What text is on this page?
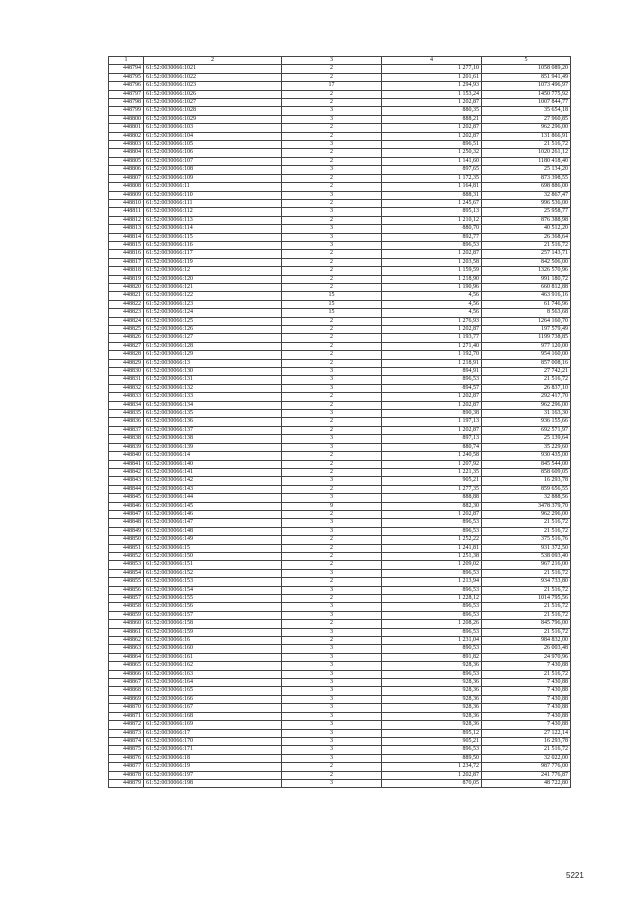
1	2	3	4	5
448794	61:52:0030066:1021	2	1 277,10	1058 089,20
448795	61:52:0030066:1022	2	1 201,61	851 941,49
448796	61:52:0030066:1023	17	1 294,93	1073 496,97
448797	61:52:0030066:1026	2	1 153,24	1450 775,92
448798	61:52:0030066:1027	2	1 202,87	1007 844,77
448799	61:52:0030066:1028	3	880,35	35 654,18
448800	61:52:0030066:1029	3	888,21	27 960,85
448801	61:52:0030066:103	2	1 202,87	962 296,00
448802	61:52:0030066:104	2	1 202,87	131 866,91
448803	61:52:0030066:105	3	896,51	21 516,72
448804	61:52:0030066:106	2	1 250,32	1020 261,12
448805	61:52:0030066:107	2	1 141,60	1180 418,40
448806	61:52:0030066:108	3	897,65	25 134,20
448807	61:52:0030066:109	2	1 172,35	873 398,55
448808	61:52:0030066:11	2	1 164,81	698 886,00
448809	61:52:0030066:110	3	888,31	32 867,47
448810	61:52:0030066:111	2	1 245,67	996 536,00
448811	61:52:0030066:112	3	895,13	25 958,77
448812	61:52:0030066:113	2	1 210,12	876 388,98
448813	61:52:0030066:114	3	880,70	40 512,20
448814	61:52:0030066:115	3	892,77	26 368,64
448815	61:52:0030066:116	3	896,53	21 516,72
448816	61:52:0030066:117	2	1 202,87	257 143,71
448817	61:52:0030066:119	2	1 203,58	842 506,00
448818	61:52:0030066:12	2	1 159,59	1326 570,96
448819	61:52:0030066:120	2	1 218,90	991 180,72
448820	61:52:0030066:121	2	1 190,96	660 812,88
448821	61:52:0030066:122	15	4,56	463 916,16
448822	61:52:0030066:123	15	4,56	61 746,96
448823	61:52:0030066:124	15	4,56	8 563,68
448824	61:52:0030066:125	2	1 276,93	1264 160,70
448825	61:52:0030066:126	2	1 202,87	197 579,49
448826	61:52:0030066:127	2	1 193,77	1199 738,85
448827	61:52:0030066:128	2	1 271,40	977 120,00
448828	61:52:0030066:129	2	1 192,70	954 160,00
448829	61:52:0030066:13	2	1 218,91	857 008,16
448830	61:52:0030066:130	3	894,91	27 742,21
448831	61:52:0030066:131	3	896,53	21 516,72
448832	61:52:0030066:132	3	894,57	26 837,10
448833	61:52:0030066:133	2	1 202,87	292 417,70
448834	61:52:0030066:134	2	1 202,87	962 296,00
448835	61:52:0030066:135	3	890,38	31 163,30
448836	61:52:0030066:136	2	1 197,13	936 155,66
448837	61:52:0030066:137	2	1 202,87	692 571,97
448838	61:52:0030066:138	3	897,13	25 139,64
448839	61:52:0030066:139	3	880,74	35 229,60
448840	61:52:0030066:14	2	1 240,58	930 435,00
448841	61:52:0030066:140	2	1 207,92	845 544,00
448842	61:52:0030066:141	2	1 221,35	858 609,05
448843	61:52:0030066:142	3	905,21	16 293,78
448844	61:52:0030066:143	2	1 277,35	859 656,55
448845	61:52:0030066:144	3	888,88	32 888,56
448846	61:52:0030066:145	9	882,30	3478 379,70
448847	61:52:0030066:146	2	1 202,87	962 296,00
448848	61:52:0030066:147	3	896,53	21 516,72
448849	61:52:0030066:148	3	896,53	21 516,72
448850	61:52:0030066:149	2	1 252,22	375 516,76
448851	61:52:0030066:15	2	1 241,81	931 372,50
448852	61:52:0030066:150	2	1 251,38	538 093,40
448853	61:52:0030066:151	2	1 209,02	967 216,00
448854	61:52:0030066:152	3	896,53	21 516,72
448855	61:52:0030066:153	2	1 213,94	934 733,80
448856	61:52:0030066:154	3	896,53	21 516,72
448857	61:52:0030066:155	2	1 228,12	1014 795,56
448858	61:52:0030066:156	3	896,53	21 516,72
448859	61:52:0030066:157	3	896,53	21 516,72
448860	61:52:0030066:158	2	1 208,26	845 796,00
448861	61:52:0030066:159	3	896,53	21 516,72
448862	61:52:0030066:16	2	1 231,04	984 832,00
448863	61:52:0030066:160	3	890,53	26 003,48
448864	61:52:0030066:161	3	891,82	24 970,96
448865	61:52:0030066:162	3	928,36	7 430,88
448866	61:52:0030066:163	3	896,53	21 516,72
448867	61:52:0030066:164	3	928,36	7 430,88
448868	61:52:0030066:165	3	928,36	7 430,88
448869	61:52:0030066:166	3	928,36	7 430,88
448870	61:52:0030066:167	3	928,36	7 430,88
448871	61:52:0030066:168	3	928,36	7 430,88
448872	61:52:0030066:169	3	928,36	7 430,88
448873	61:52:0030066:17	3	895,12	27 122,14
448874	61:52:0030066:170	3	905,21	16 293,78
448875	61:52:0030066:171	3	896,53	21 516,72
448876	61:52:0030066:18	3	889,50	32 022,00
448877	61:52:0030066:19	2	1 234,72	987 776,00
448878	61:52:0030066:197	2	1 202,87	241 776,87
448879	61:52:0030066:198	3	870,05	48 722,80
5221
